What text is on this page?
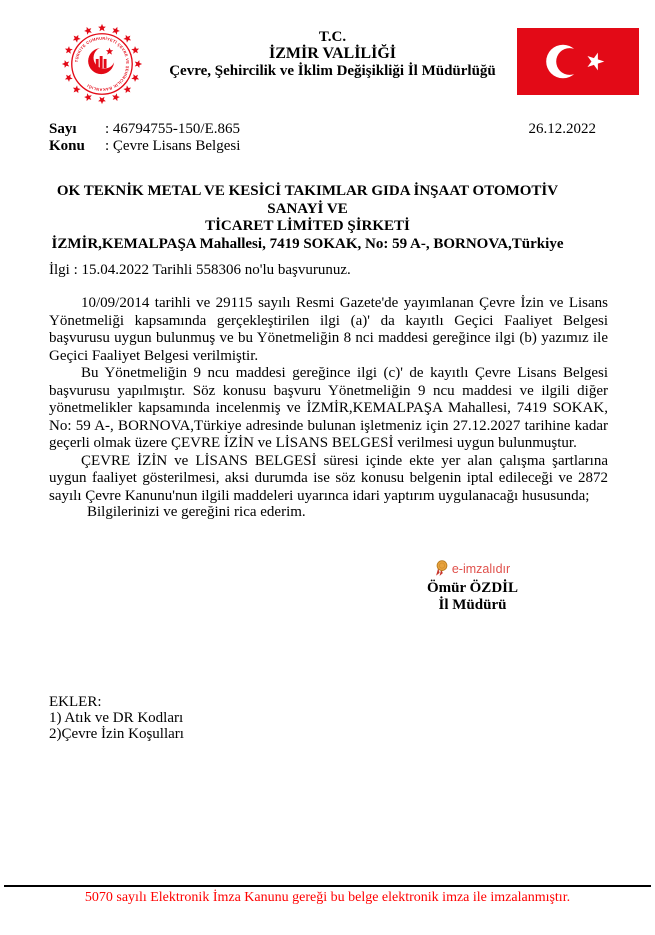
TÜRKİYE CUMHURİYETİ ÇEVRE VE ŞEHİRCİLİK BAKANLIĞI
T.C.
İZMİR VALİLİĞİ
Çevre, Şehircilik ve İklim Değişikliği İl Müdürlüğü
Sayı : 46794755-150/E.865
Konu : Çevre Lisans Belgesi
26.12.2022
OK TEKNİK METAL VE KESİCİ TAKIMLAR GIDA İNŞAAT OTOMOTİV SANAYİ VE
TİCARET LİMİTED ŞİRKETİ
İZMİR,KEMALPAŞA Mahallesi, 7419 SOKAK, No: 59 A-, BORNOVA,Türkiye
İlgi : 15.04.2022 Tarihli 558306 no'lu başvurunuz.

10/09/2014 tarihli ve 29115 sayılı Resmi Gazete'de yayımlanan Çevre İzin ve Lisans Yönetmeliği kapsamında gerçekleştirilen ilgi (a)' da kayıtlı Geçici Faaliyet Belgesi başvurusu uygun bulunmuş ve bu Yönetmeliğin 8 nci maddesi gereğince ilgi (b) yazımız ile Geçici Faaliyet Belgesi verilmiştir.

Bu Yönetmeliğin 9 ncu maddesi gereğince ilgi (c)' de kayıtlı Çevre Lisans Belgesi başvurusu yapılmıştır. Söz konusu başvuru Yönetmeliğin 9 ncu maddesi ve ilgili diğer yönetmelikler kapsamında incelenmiş ve İZMİR,KEMALPAŞA Mahallesi, 7419 SOKAK, No: 59 A-, BORNOVA,Türkiye adresinde bulunan işletmeniz için 27.12.2027 tarihine kadar geçerli olmak üzere ÇEVRE İZİN ve LİSANS BELGESİ verilmesi uygun bulunmuştur.

ÇEVRE İZİN ve LİSANS BELGESİ süresi içinde ekte yer alan çalışma şartlarına uygun faaliyet gösterilmesi, aksi durumda ise söz konusu belgenin iptal edileceği ve 2872 sayılı Çevre Kanunu'nun ilgili maddeleri uyarınca idari yaptırım uygulanacağı hususunda;

Bilgilerinizi ve gereğini rica ederim.
e-imzalıdır
Ömür ÖZDİL
İl Müdürü
EKLER:
1) Atık ve DR Kodları
2)Çevre İzin Koşulları
5070 sayılı Elektronik İmza Kanunu gereği bu belge elektronik imza ile imzalanmıştır.
